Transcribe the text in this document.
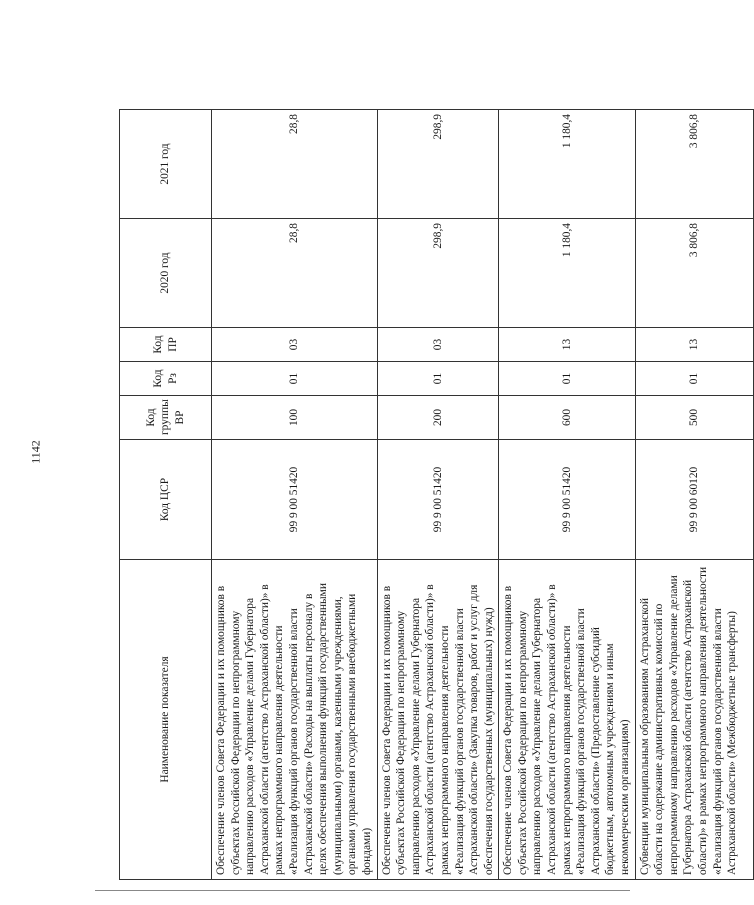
1142
Наименование показателя	Код ЦСР	Код группы ВР	Код Рз	Код ПР	2020 год	2021 год
Обеспечение членов Совета Федерации и их помощников в субъектах Российской Федерации по непрограммному направлению расходов «Управление делами Губернатора Астраханской области (агентство Астраханской области)» в рамках непрограммного направления деятельности «Реализация функций органов государственной власти Астраханской области» (Расходы на выплаты персоналу в целях обеспечения выполнения функций государственными (муниципальными) органами, казенными учреждениями, органами управления государственными внебюджетными фондами)	99 9 00 51420	100	01	03	28,8	28,8
Обеспечение членов Совета Федерации и их помощников в субъектах Российской Федерации по непрограммному направлению расходов «Управление делами Губернатора Астраханской области (агентство Астраханской области)» в рамках непрограммного направления деятельности «Реализация функций органов государственной власти Астраханской области» (Закупка товаров, работ и услуг для обеспечения государственных (муниципальных) нужд)	99 9 00 51420	200	01	03	298,9	298,9
Обеспечение членов Совета Федерации и их помощников в субъектах Российской Федерации по непрограммному направлению расходов «Управление делами Губернатора Астраханской области (агентство Астраханской области)» в рамках непрограммного направления деятельности «Реализация функций органов государственной власти Астраханской области» (Предоставление субсидий бюджетным, автономным учреждениям и иным некоммерческим организациям)	99 9 00 51420	600	01	13	1 180,4	1 180,4
Субвенции муниципальным образованиям Астраханской области на содержание административных комиссий по непрограммному направлению расходов «Управление делами Губернатора Астраханской области (агентство Астраханской области)» в рамках непрограммного направления деятельности «Реализация функций органов государственной власти Астраханской области» (Межбюджетные трансферты)	99 9 00 60120	500	01	13	3 806,8	3 806,8
